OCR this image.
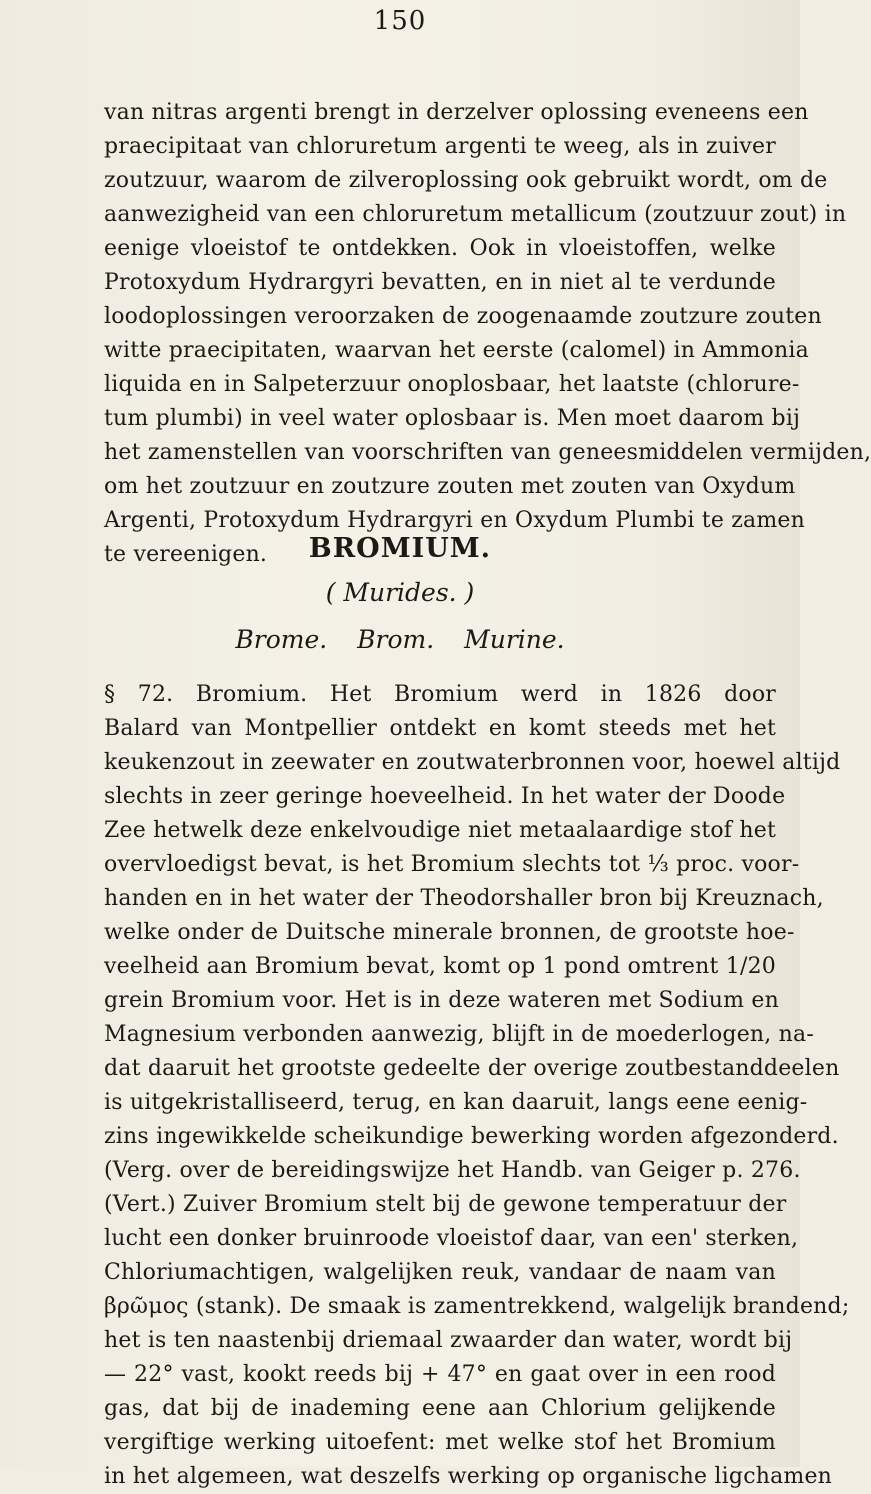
150
van nitras argenti brengt in derzelver oplossing eveneens een
praecipitaat van chloruretum argenti te weeg, als in zuiver
zoutzuur, waarom de zilveroplossing ook gebruikt wordt, om de
aanwezigheid van een chloruretum metallicum (zoutzuur zout) in
eenige vloeistof te ontdekken. Ook in vloeistoffen, welke
Protoxydum Hydrargyri bevatten, en in niet al te verdunde
loodoplossingen veroorzaken de zoogenaamde zoutzure zouten
witte praecipitaten, waarvan het eerste (calomel) in Ammonia
liquida en in Salpeterzuur onoplosbaar, het laatste (chlorure-
tum plumbi) in veel water oplosbaar is. Men moet daarom bij
het zamenstellen van voorschriften van geneesmiddelen vermijden,
om het zoutzuur en zoutzure zouten met zouten van Oxydum
Argenti, Protoxydum Hydrargyri en Oxydum Plumbi te zamen
te vereenigen.	BROMIUM.
( Murides. )
Brome. Brom. Murine.
§ 72. Bromium. Het Bromium werd in 1826 door
Balard van Montpellier ontdekt en komt steeds met het
keukenzout in zeewater en zoutwaterbronnen voor, hoewel altijd
slechts in zeer geringe hoeveelheid. In het water der Doode
Zee hetwelk deze enkelvoudige niet metaalaardige stof het
overvloedigst bevat, is het Bromium slechts tot ⅓ proc. voor-
handen en in het water der Theodorshaller bron bij Kreuznach,
welke onder de Duitsche minerale bronnen, de grootste hoe-
veelheid aan Bromium bevat, komt op 1 pond omtrent 1/20
grein Bromium voor. Het is in deze wateren met Sodium en
Magnesium verbonden aanwezig, blijft in de moederlogen, na-
dat daaruit het grootste gedeelte der overige zoutbestanddeelen
is uitgekristalliseerd, terug, en kan daaruit, langs eene eenig-
zins ingewikkelde scheikundige bewerking worden afgezonderd.
(Verg. over de bereidingswijze het Handb. van Geiger p. 276.
(Vert.) Zuiver Bromium stelt bij de gewone temperatuur der
lucht een donker bruinroode vloeistof daar, van een' sterken,
Chloriumachtigen, walgelijken reuk, vandaar de naam van
βρῶμος (stank). De smaak is zamentrekkend, walgelijk brandend;
het is ten naastenbij driemaal zwaarder dan water, wordt bij
— 22° vast, kookt reeds bij + 47° en gaat over in een rood
gas, dat bij de inademing eene aan Chlorium gelijkende
vergiftige werking uitoefent: met welke stof het Bromium
in het algemeen, wat deszelfs werking op organische ligchamen
